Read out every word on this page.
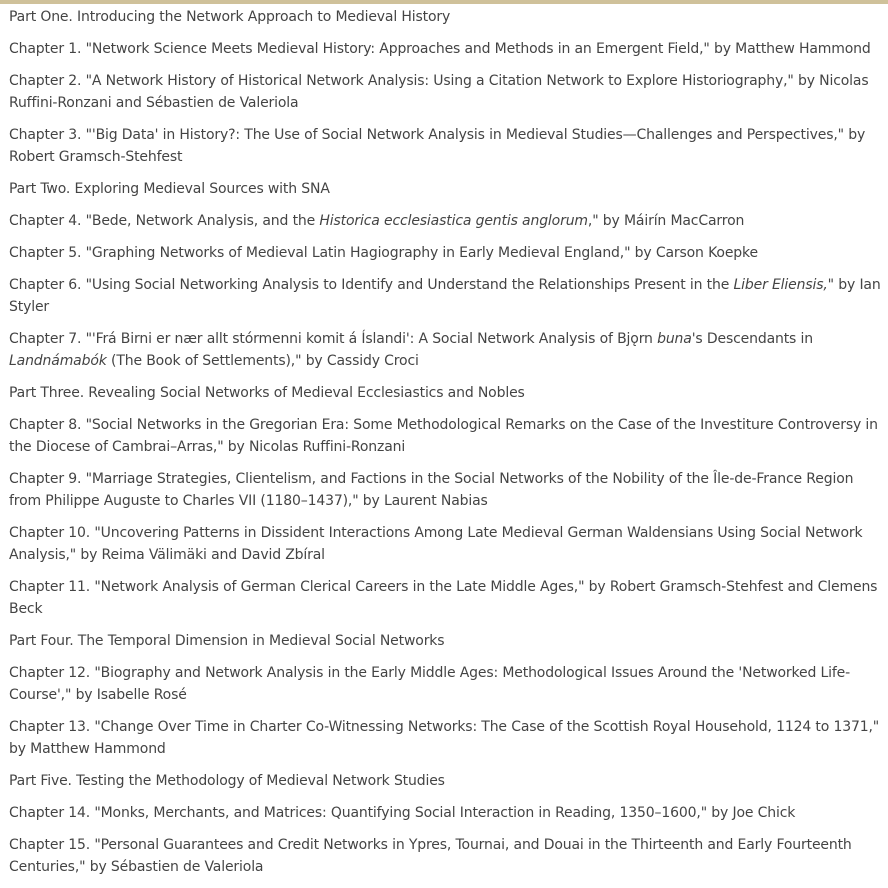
Part One. Introducing the Network Approach to Medieval History

Chapter 1. "Network Science Meets Medieval History: Approaches and Methods in an Emergent Field," by Matthew Hammond

Chapter 2. "A Network History of Historical Network Analysis: Using a Citation Network to Explore Historiography," by Nicolas Ruffini-Ronzani and Sébastien de Valeriola

Chapter 3. "'Big Data' in History?: The Use of Social Network Analysis in Medieval Studies—Challenges and Perspectives," by Robert Gramsch-Stehfest

Part Two. Exploring Medieval Sources with SNA

Chapter 4. "Bede, Network Analysis, and the Historica ecclesiastica gentis anglorum," by Máirín MacCarron

Chapter 5. "Graphing Networks of Medieval Latin Hagiography in Early Medieval England," by Carson Koepke

Chapter 6. "Using Social Networking Analysis to Identify and Understand the Relationships Present in the Liber Eliensis," by Ian Styler

Chapter 7. "'Frá Birni er nær allt stórmenni komit á Íslandi': A Social Network Analysis of Bjǫrn buna's Descendants in Landnámabók (The Book of Settlements)," by Cassidy Croci

Part Three. Revealing Social Networks of Medieval Ecclesiastics and Nobles

Chapter 8. "Social Networks in the Gregorian Era: Some Methodological Remarks on the Case of the Investiture Controversy in the Diocese of Cambrai–Arras," by Nicolas Ruffini-Ronzani

Chapter 9. "Marriage Strategies, Clientelism, and Factions in the Social Networks of the Nobility of the Île-de-France Region from Philippe Auguste to Charles VII (1180–1437)," by Laurent Nabias

Chapter 10. "Uncovering Patterns in Dissident Interactions Among Late Medieval German Waldensians Using Social Network Analysis," by Reima Välimäki and David Zbíral

Chapter 11. "Network Analysis of German Clerical Careers in the Late Middle Ages," by Robert Gramsch-Stehfest and Clemens Beck

Part Four. The Temporal Dimension in Medieval Social Networks

Chapter 12. "Biography and Network Analysis in the Early Middle Ages: Methodological Issues Around the 'Networked Life-Course'," by Isabelle Rosé

Chapter 13. "Change Over Time in Charter Co-Witnessing Networks: The Case of the Scottish Royal Household, 1124 to 1371," by Matthew Hammond

Part Five. Testing the Methodology of Medieval Network Studies

Chapter 14. "Monks, Merchants, and Matrices: Quantifying Social Interaction in Reading, 1350–1600," by Joe Chick

Chapter 15. "Personal Guarantees and Credit Networks in Ypres, Tournai, and Douai in the Thirteenth and Early Fourteenth Centuries," by Sébastien de Valeriola
